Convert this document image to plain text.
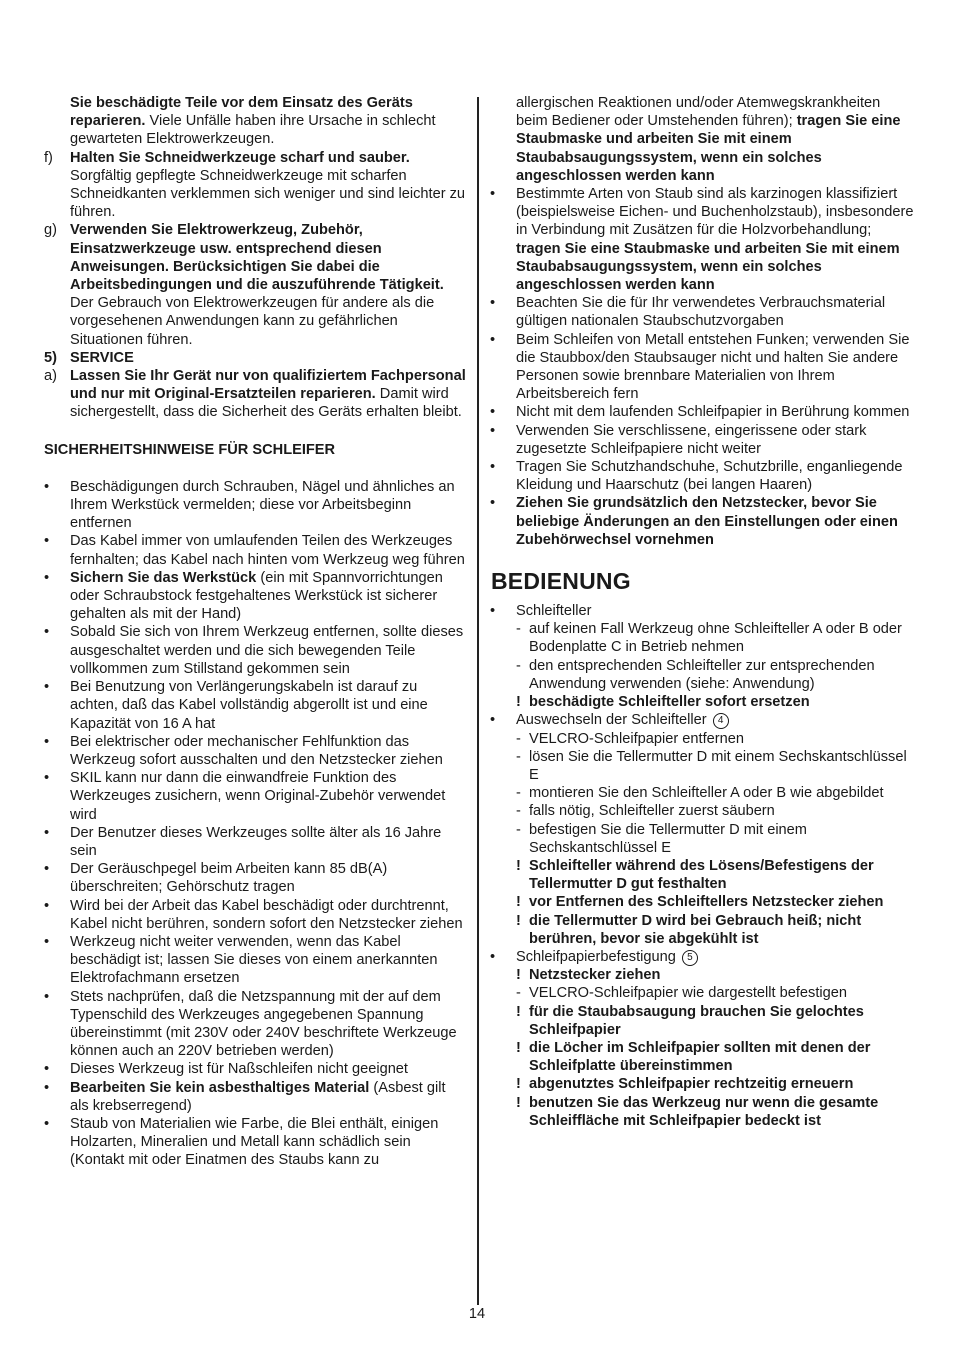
Sie beschädigte Teile vor dem Einsatz des Geräts reparieren. Viele Unfälle haben ihre Ursache in schlecht gewarteten Elektrowerkzeugen.
f)	Halten Sie Schneidwerkzeuge scharf und sauber. Sorgfältig gepflegte Schneidwerkzeuge mit scharfen Schneidkanten verklemmen sich weniger und sind leichter zu führen.
g) Verwenden Sie Elektrowerkzeug, Zubehör, Einsatzwerkzeuge usw. entsprechend diesen Anweisungen. Berücksichtigen Sie dabei die Arbeitsbedingungen und die auszuführende Tätigkeit. Der Gebrauch von Elektrowerkzeugen für andere als die vorgesehenen Anwendungen kann zu gefährlichen Situationen führen.
5) SERVICE
a) Lassen Sie Ihr Gerät nur von qualifiziertem Fachpersonal und nur mit Original-Ersatzteilen reparieren. Damit wird sichergestellt, dass die Sicherheit des Geräts erhalten bleibt.
SICHERHEITSHINWEISE FÜR SCHLEIFER
•	Beschädigungen durch Schrauben, Nägel und ähnliches an Ihrem Werkstück vermelden; diese vor Arbeitsbeginn entfernen
•	Das Kabel immer von umlaufenden Teilen des Werkzeuges fernhalten; das Kabel nach hinten vom Werkzeug weg führen
•	Sichern Sie das Werkstück (ein mit Spannvorrichtungen oder Schraubstock festgehaltenes Werkstück ist sicherer gehalten als mit der Hand)
•	Sobald Sie sich von Ihrem Werkzeug entfernen, sollte dieses ausgeschaltet werden und die sich bewegenden Teile vollkommen zum Stillstand gekommen sein
•	Bei Benutzung von Verlängerungskabeln ist darauf zu achten, daß das Kabel vollständig abgerollt ist und eine Kapazität von 16 A hat
•	Bei elektrischer oder mechanischer Fehlfunktion das Werkzeug sofort ausschalten und den Netzstecker ziehen
•	SKIL kann nur dann die einwandfreie Funktion des Werkzeuges zusichern, wenn Original-Zubehör verwendet wird
•	Der Benutzer dieses Werkzeuges sollte älter als 16 Jahre sein
•	Der Geräuschpegel beim Arbeiten kann 85 dB(A) überschreiten; Gehörschutz tragen
•	Wird bei der Arbeit das Kabel beschädigt oder durchtrennt, Kabel nicht berühren, sondern sofort den Netzstecker ziehen
•	Werkzeug nicht weiter verwenden, wenn das Kabel beschädigt ist; lassen Sie dieses von einem anerkannten Elektrofachmann ersetzen
•	Stets nachprüfen, daß die Netzspannung mit der auf dem Typenschild des Werkzeuges angegebenen Spannung übereinstimmt (mit 230V oder 240V beschriftete Werkzeuge können auch an 220V betrieben werden)
•	Dieses Werkzeug ist für Naßschleifen nicht geeignet
•	Bearbeiten Sie kein asbesthaltiges Material (Asbest gilt als krebserregend)
•	Staub von Materialien wie Farbe, die Blei enthält, einigen Holzarten, Mineralien und Metall kann schädlich sein (Kontakt mit oder Einatmen des Staubs kann zu
allergischen Reaktionen und/oder Atemwegskrankheiten beim Bediener oder Umstehenden führen); tragen Sie eine Staubmaske und arbeiten Sie mit einem Staubabsaugungssystem, wenn ein solches angeschlossen werden kann
•	Bestimmte Arten von Staub sind als karzinogen klassifiziert (beispielsweise Eichen- und Buchenholzstaub), insbesondere in Verbindung mit Zusätzen für die Holzvorbehandlung; tragen Sie eine Staubmaske und arbeiten Sie mit einem Staubabsaugungssystem, wenn ein solches angeschlossen werden kann
•	Beachten Sie die für Ihr verwendetes Verbrauchsmaterial gültigen nationalen Staubschutzvorgaben
•	Beim Schleifen von Metall entstehen Funken; verwenden Sie die Staubbox/den Staubsauger nicht und halten Sie andere Personen sowie brennbare Materialien von Ihrem Arbeitsbereich fern
•	Nicht mit dem laufenden Schleifpapier in Berührung kommen
•	Verwenden Sie verschlissene, eingerissene oder stark zugesetzte Schleifpapiere nicht weiter
•	Tragen Sie Schutzhandschuhe, Schutzbrille, enganliegende Kleidung und Haarschutz (bei langen Haaren)
•	Ziehen Sie grundsätzlich den Netzstecker, bevor Sie beliebige Änderungen an den Einstellungen oder einen Zubehörwechsel vornehmen
BEDIENUNG
•	Schleifteller
- auf keinen Fall Werkzeug ohne Schleifteller A oder B oder Bodenplatte C in Betrieb nehmen
- den entsprechenden Schleifteller zur entsprechenden Anwendung verwenden (siehe: Anwendung)
! beschädigte Schleifteller sofort ersetzen
•	Auswechseln der Schleifteller 4
- VELCRO-Schleifpapier entfernen
- lösen Sie die Tellermutter D mit einem Sechskantschlüssel E
- montieren Sie den Schleifteller A oder B wie abgebildet
- falls nötig, Schleifteller zuerst säubern
- befestigen Sie die Tellermutter D mit einem Sechskantschlüssel E
! Schleifteller während des Lösens/Befestigens der Tellermutter D gut festhalten
! vor Entfernen des Schleiftellers Netzstecker ziehen
! die Tellermutter D wird bei Gebrauch heiß; nicht berühren, bevor sie abgekühlt ist
•	Schleifpapierbefestigung 5
! Netzstecker ziehen
- VELCRO-Schleifpapier wie dargestellt befestigen
! für die Staubabsaugung brauchen Sie gelochtes Schleifpapier
! die Löcher im Schleifpapier sollten mit denen der Schleifplatte übereinstimmen
! abgenutztes Schleifpapier rechtzeitig erneuern
! benutzen Sie das Werkzeug nur wenn die gesamte Schleiffläche mit Schleifpapier bedeckt ist
14
